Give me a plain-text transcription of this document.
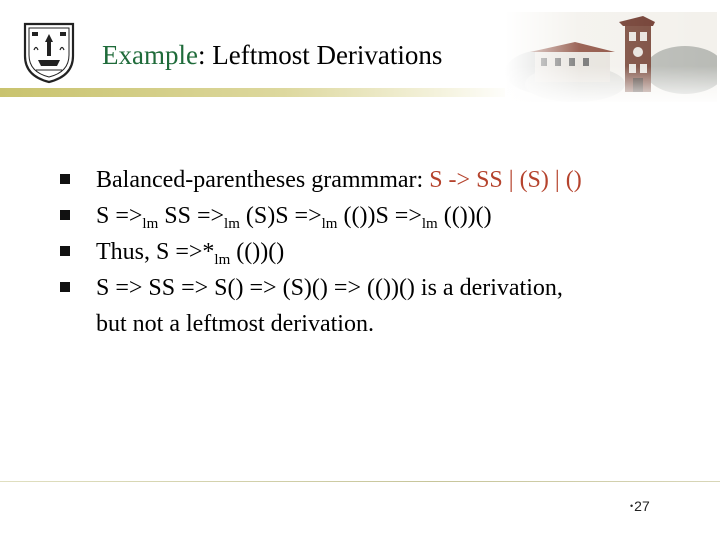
Example: Leftmost Derivations
Balanced-parentheses grammmar: S -> SS | (S) | ()
$S =>_{lm}$ SS $=>_{lm}$ $(S)S =>_{lm}$ $(())S =>_{lm}$ (())()
Thus, $S =>*_{lm}$ (())()
S => SS => S() => (S)() => (())() is a derivation,
but not a leftmost derivation.
•27
